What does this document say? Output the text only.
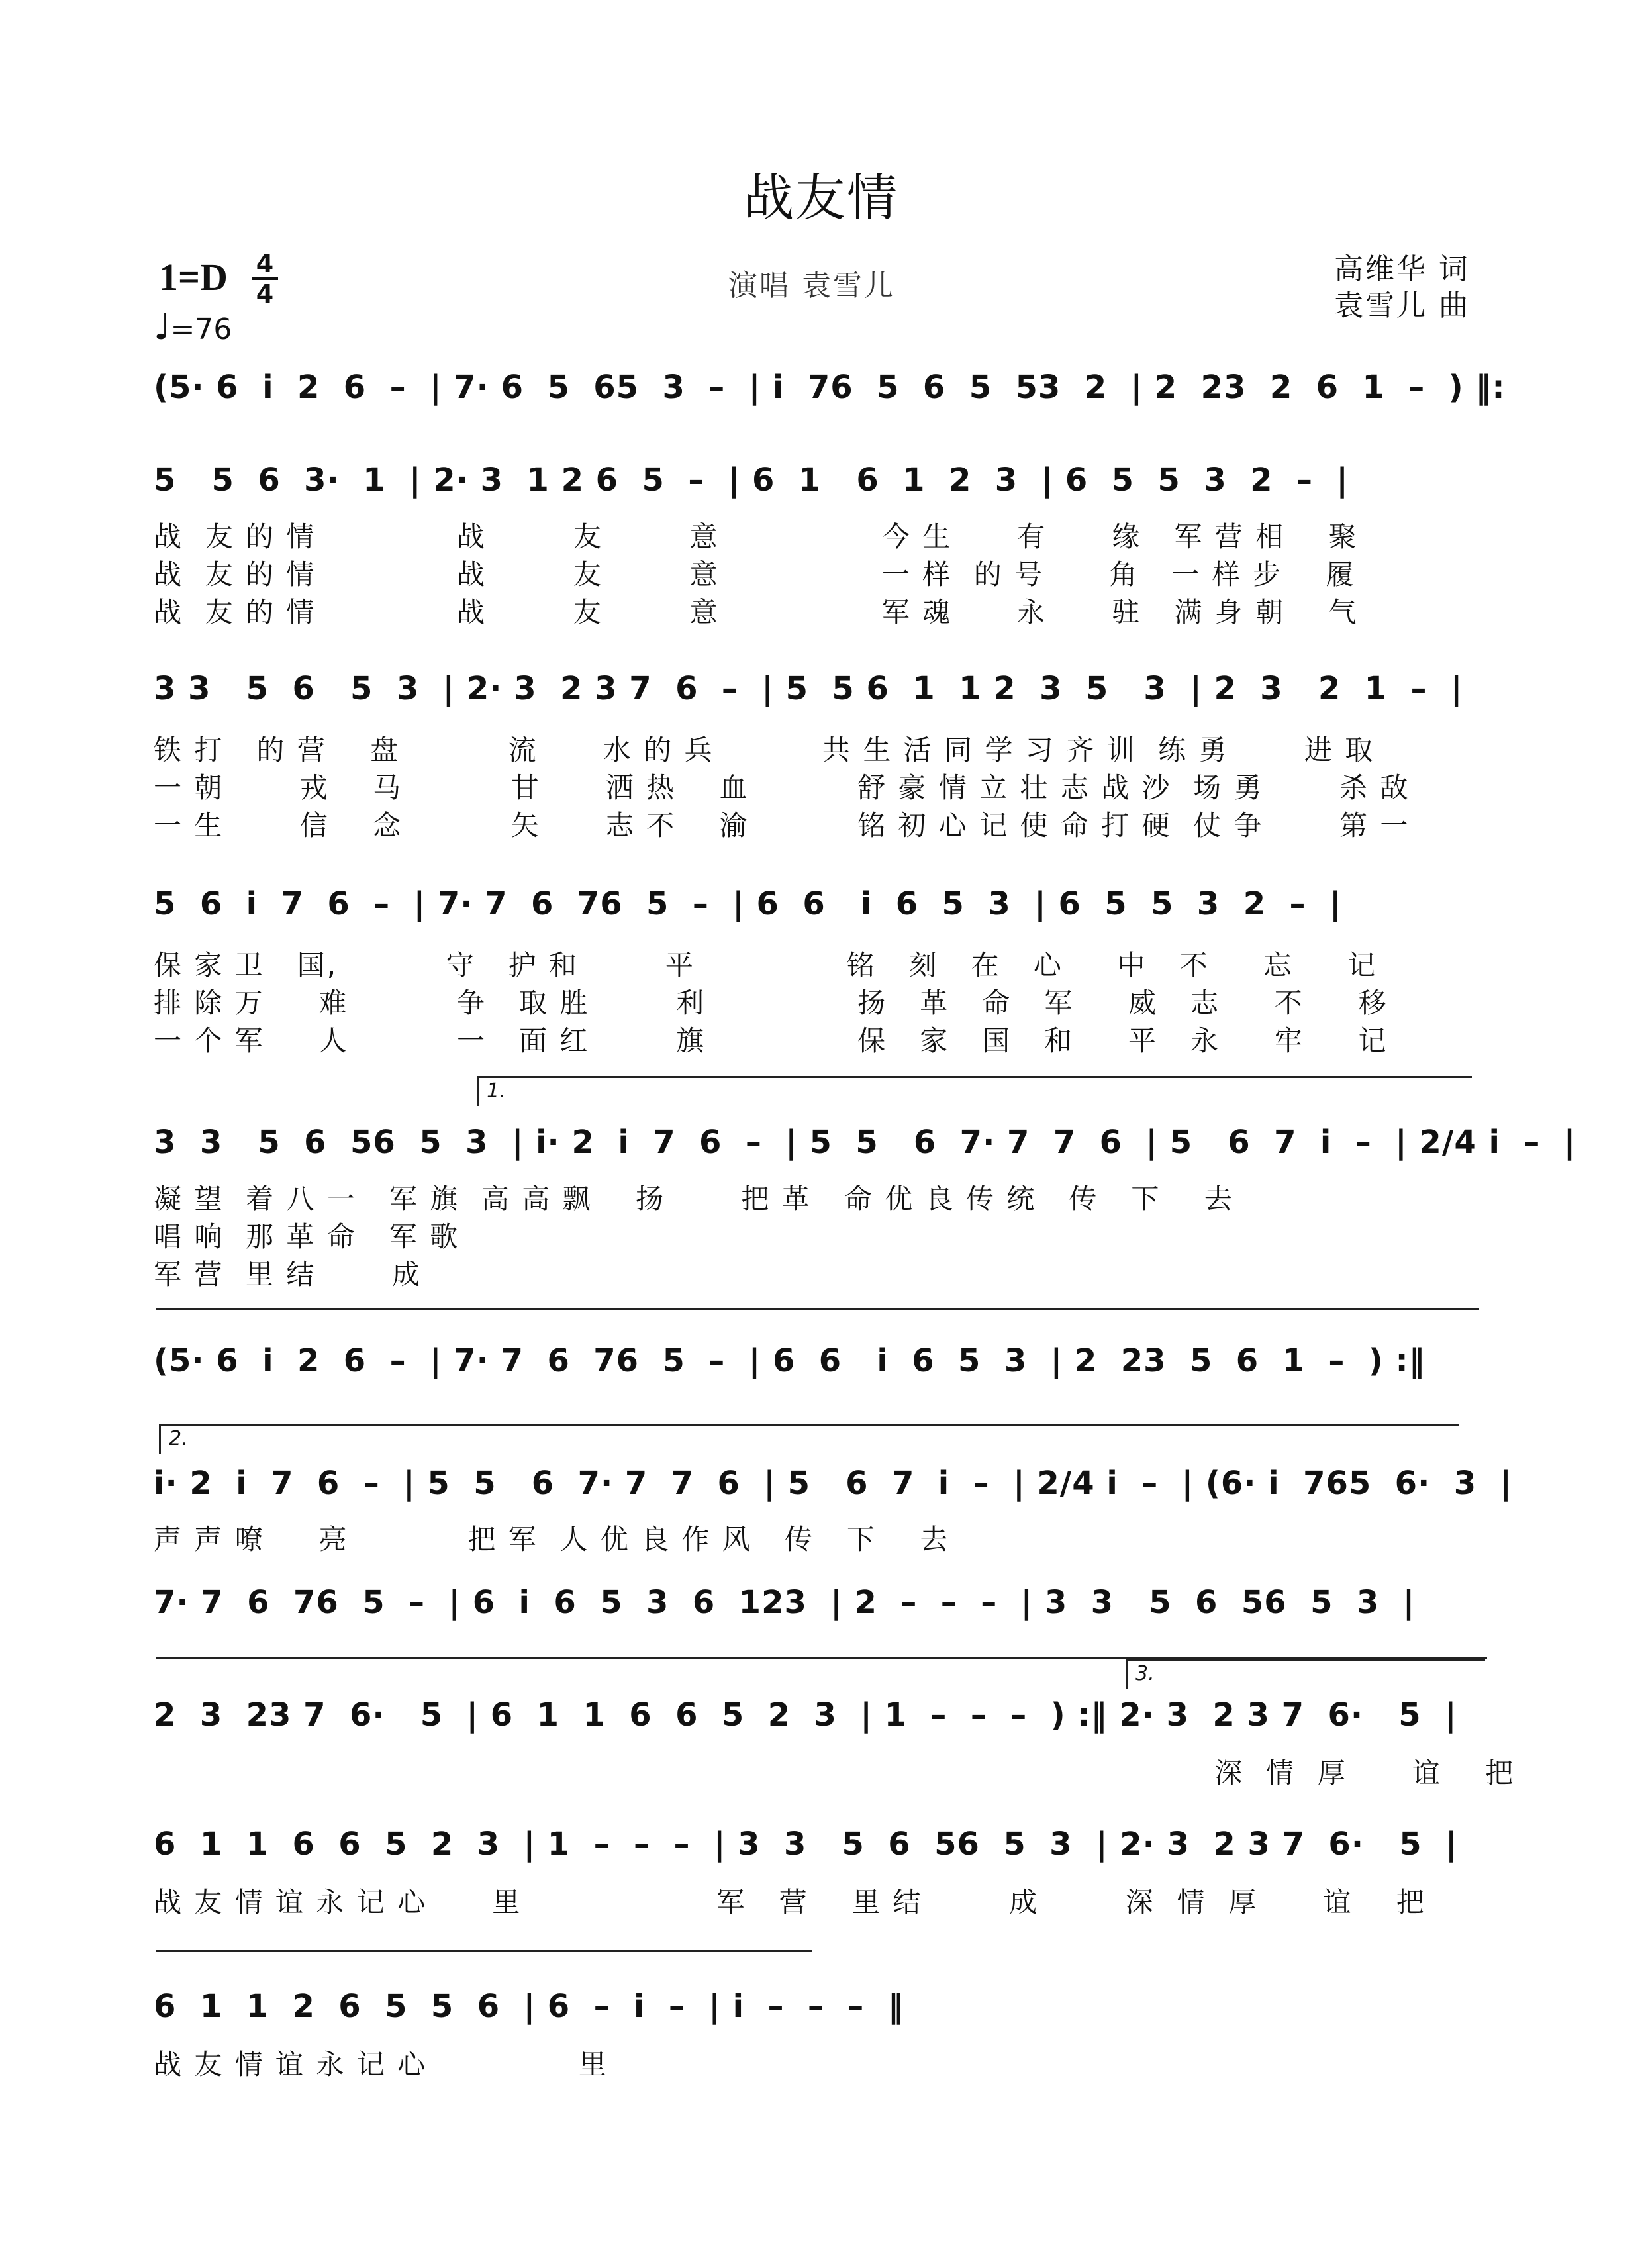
战友情
1=D 4
4
♩=76
演唱 袁雪儿	高维华 词
袁雪儿 曲
(5· 6  i  2  6  –  | 7· 6  5  65  3  –  | i  76  5  6  5  53  2  | 2  23  2  6  1  –  ) ‖:
5   5  6  3·  1  | 2· 3  1 2 6  5  –  | 6  1   6  1  2  3  | 6  5  5  3  2  –  |
战  友 的 情             战        友        意               今 生      有      缘   军 营 相    聚
战  友 的 情             战        友        意               一 样  的 号      角   一 样 步    履
战  友 的 情             战        友        意               军 魂      永      驻   满 身 朝    气
3 3   5  6   5  3  | 2· 3  2 3 7  6  –  | 5  5 6  1  1 2  3  5   3  | 2  3   2  1  –  |
铁 打   的 营    盘          流      水 的 兵          共 生 活 同 学 习 齐 训  练 勇       进 取
一 朝       戎    马          甘      洒 热    血          舒 豪 情 立 壮 志 战 沙  场 勇       杀 敌
一 生       信    念          矢      志 不    渝          铭 初 心 记 使 命 打 硬  仗 争       第 一
5  6  i  7  6  –  | 7· 7  6  76  5  –  | 6  6   i  6  5  3  | 6  5  5  3  2  –  |
保 家 卫   国,          守   护 和        平              铭   刻   在   心     中   不     忘     记
排 除 万     难          争   取 胜        利              扬   革   命   军     威   志     不     移
一 个 军     人          一   面 红        旗              保   家   国   和     平   永     牢     记
1.
3  3   5  6  56  5  3  | i· 2  i  7  6  –  | 5  5   6  7· 7  7  6  | 5   6  7  i  –  | 2/4 i  –  |
凝 望  着 八 一   军 旗  高 高 飘    扬       把 革   命 优 良 传 统   传   下    去
唱 响  那 革 命   军 歌
军 营  里 结       成
(5· 6  i  2  6  –  | 7· 7  6  76  5  –  | 6  6   i  6  5  3  | 2  23  5  6  1  –  ) :‖
2.
i· 2  i  7  6  –  | 5  5   6  7· 7  7  6  | 5   6  7  i  –  | 2/4 i  –  | (6· i  765  6·  3  |
声 声 嘹     亮           把 军  人 优 良 作 风   传   下    去
7· 7  6  76  5  –  | 6  i  6  5  3  6  123  | 2  –  –  –  | 3  3   5  6  56  5  3  |
3.
2  3  23 7  6·   5  | 6  1  1  6  6  5  2  3  | 1  –  –  –  ) :‖ 2· 3  2 3 7  6·   5  |
深  情  厚      谊    把
6  1  1  6  6  5  2  3  | 1  –  –  –  | 3  3   5  6  56  5  3  | 2· 3  2 3 7  6·   5  |
战 友 情 谊 永 记 心      里                  军   营    里 结        成        深  情  厚      谊    把
6  1  1  2  6  5  5  6  | 6  –  i  –  | i  –  –  –  ‖
战 友 情 谊 永 记 心              里
